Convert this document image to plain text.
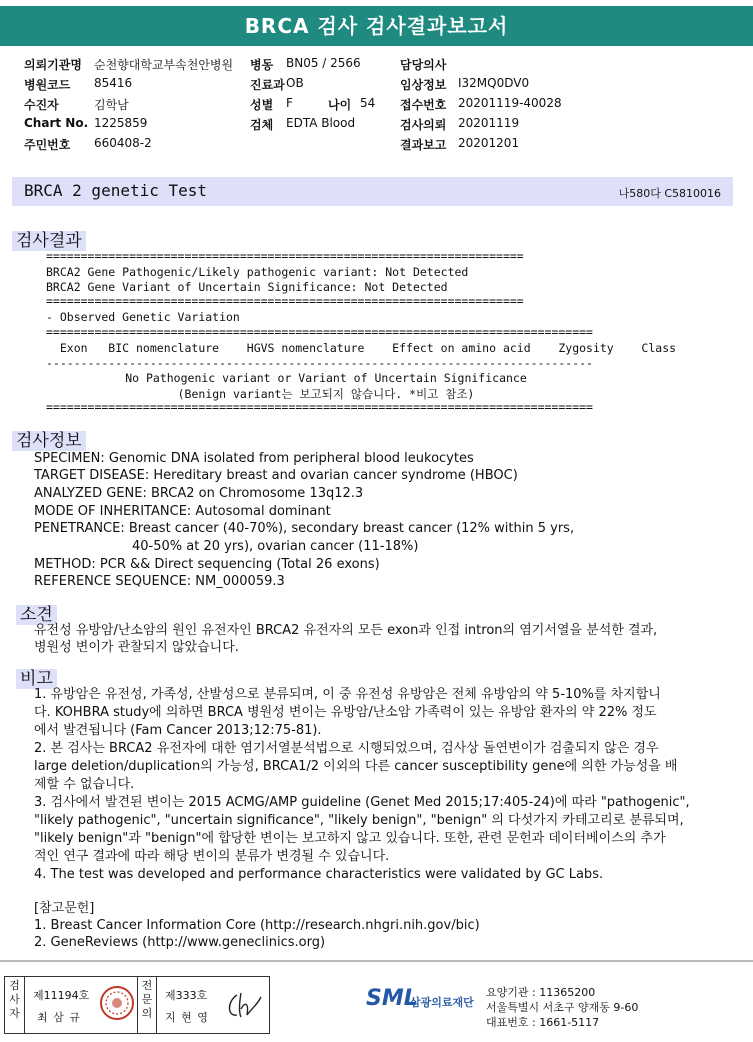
BRCA 검사 검사결과보고서
의뢰기관명 순천향대학교부속천안병원 병동 BN05 / 2566	담당의사
병원코드 85416	진료과 OB	임상정보 I32MQ0DV0
수진자	김학남	성별 F	나이 54 접수번호 20201119-40028
Chart No. 1225859	검체 EDTA Blood	검사의뢰 20201119
주민번호 660408-2	결과보고 20201201
BRCA 2 genetic Test	나580다 C5810016
검사결과
=====================================================================
BRCA2 Gene Pathogenic/Likely pathogenic variant: Not Detected
BRCA2 Gene Variant of Uncertain Significance: Not Detected
=====================================================================
- Observed Genetic Variation
===============================================================================
Exon   BIC nomenclature    HGVS nomenclature    Effect on amino acid    Zygosity    Class
-------------------------------------------------------------------------------
No Pathogenic variant or Variant of Uncertain Significance
(Benign variant는 보고되지 않습니다. *비고 참조)
===============================================================================
검사정보
SPECIMEN: Genomic DNA isolated from peripheral blood leukocytes
TARGET DISEASE: Hereditary breast and ovarian cancer syndrome (HBOC)
ANALYZED GENE: BRCA2 on Chromosome 13q12.3
MODE OF INHERITANCE: Autosomal dominant
PENETRANCE: Breast cancer (40-70%), secondary breast cancer (12% within 5 yrs,
40-50% at 20 yrs), ovarian cancer (11-18%)
METHOD: PCR && Direct sequencing (Total 26 exons)
REFERENCE SEQUENCE: NM_000059.3
소견
유전성 유방암/난소암의 원인 유전자인 BRCA2 유전자의 모든 exon과 인접 intron의 염기서열을 분석한 결과,
병원성 변이가 관찰되지 않았습니다.
비고
1. 유방암은 유전성, 가족성, 산발성으로 분류되며, 이 중 유전성 유방암은 전체 유방암의 약 5-10%를 차지합니
다. KOHBRA study에 의하면 BRCA 병원성 변이는 유방암/난소암 가족력이 있는 유방암 환자의 약 22% 정도
에서 발견됩니다 (Fam Cancer 2013;12:75-81).
2. 본 검사는 BRCA2 유전자에 대한 염기서열분석법으로 시행되었으며, 검사상 돌연변이가 검출되지 않은 경우
large deletion/duplication의 가능성, BRCA1/2 이외의 다른 cancer susceptibility gene에 의한 가능성을 배
제할 수 없습니다.
3. 검사에서 발견된 변이는 2015 ACMG/AMP guideline (Genet Med 2015;17:405-24)에 따라 "pathogenic",
"likely pathogenic", "uncertain significance", "likely benign", "benign" 의 다섯가지 카테고리로 분류되며,
"likely benign"과 "benign"에 합당한 변이는 보고하지 않고 있습니다. 또한, 관련 문헌과 데이터베이스의 추가
적인 연구 결과에 따라 해당 변이의 분류가 변경될 수 있습니다.
4. The test was developed and performance characteristics were validated by GC Labs.
[참고문헌]
1. Breast Cancer Information Core (http://research.nhgri.nih.gov/bic)
2. GeneReviews (http://www.geneclinics.org)
검사자
제11194호
최 삼 규
전문의
제333호
지 현 영
SML
삼광의료재단
요양기관 : 11365200
서울특별시 서초구 양재동 9-60
대표번호 : 1661-5117
